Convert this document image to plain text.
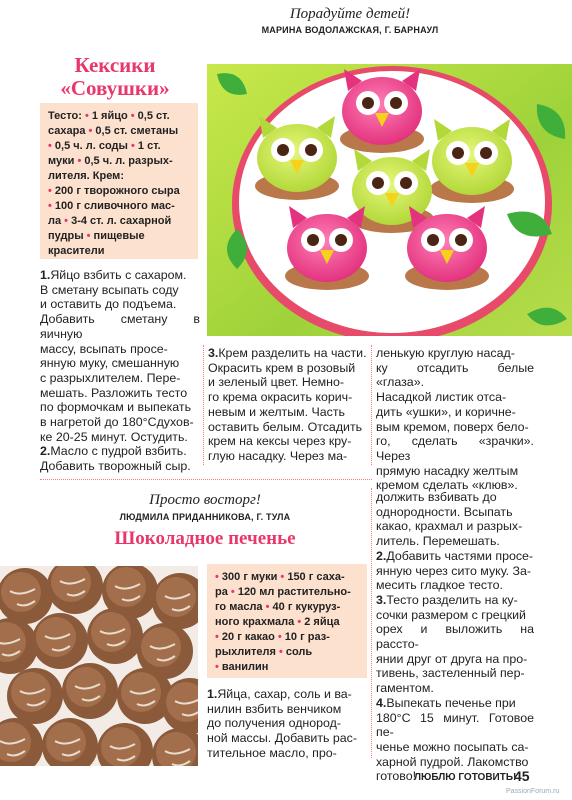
Порадуйте детей!
МАРИНА ВОДОЛАЖСКАЯ, Г. БАРНАУЛ
Кексики
«Совушки»
Тесто: • 1 яйцо • 0,5 ст.
сахара • 0,5 ст. сметаны
• 0,5 ч. л. соды • 1 ст.
муки • 0,5 ч. л. разрых-
лителя. Крем:
• 200 г творожного сыра
• 100 г сливочного мас-
ла • 3-4 ст. л. сахарной
пудры • пищевые
красители
1.Яйцо взбить с сахаром.
В сметану всыпать соду
и оставить до подъема.
Добавить сметану в яичную
массу, всыпать просе-
янную муку, смешанную
с разрыхлителем. Пере-
мешать. Разложить тесто
по формочкам и выпекать
в нагретой до 180°Сдухов-
ке 20-25 минут. Остудить.
2.Масло с пудрой взбить.
Добавить творожный сыр.
3.Крем разделить на части.
Окрасить крем в розовый
и зеленый цвет. Немно-
го крема окрасить корич-
невым и желтым. Часть
оставить белым. Отсадить
крем на кексы через кру-
глую насадку. Через ма-
ленькую круглую насад-
ку отсадить белые «глаза».
Насадкой листик отса-
дить «ушки», и коричне-
вым кремом, поверх бело-
го, сделать «зрачки». Через
прямую насадку желтым
кремом сделать «клюв».
Просто восторг!
ЛЮДМИЛА ПРИДАННИКОВА, Г. ТУЛА
Шоколадное печенье
• 300 г муки • 150 г саха-
ра • 120 мл растительно-
го масла • 40 г кукуруз-
ного крахмала • 2 яйца
• 20 г какао • 10 г раз-
рыхлителя • соль
• ванилин
1.Яйца, сахар, соль и ва-
нилин взбить венчиком
до получения однород-
ной массы. Добавить рас-
тительное масло, про-
должить взбивать до
однородности. Всыпать
какао, крахмал и разрых-
литель. Перемешать.
2.Добавить частями просе-
янную через сито муку. За-
месить гладкое тесто.
3.Тесто разделить на ку-
сочки размером с грецкий
орех и выложить на рассто-
янии друг от друга на про-
тивень, застеленный пер-
гаментом.
4.Выпекать печенье при
180°С 15 минут. Готовое пе-
ченье можно посыпать са-
харной пудрой. Лакомство
готово!
ЛЮБЛЮ ГОТОВИТЬ!
45
PassionForum.ru
